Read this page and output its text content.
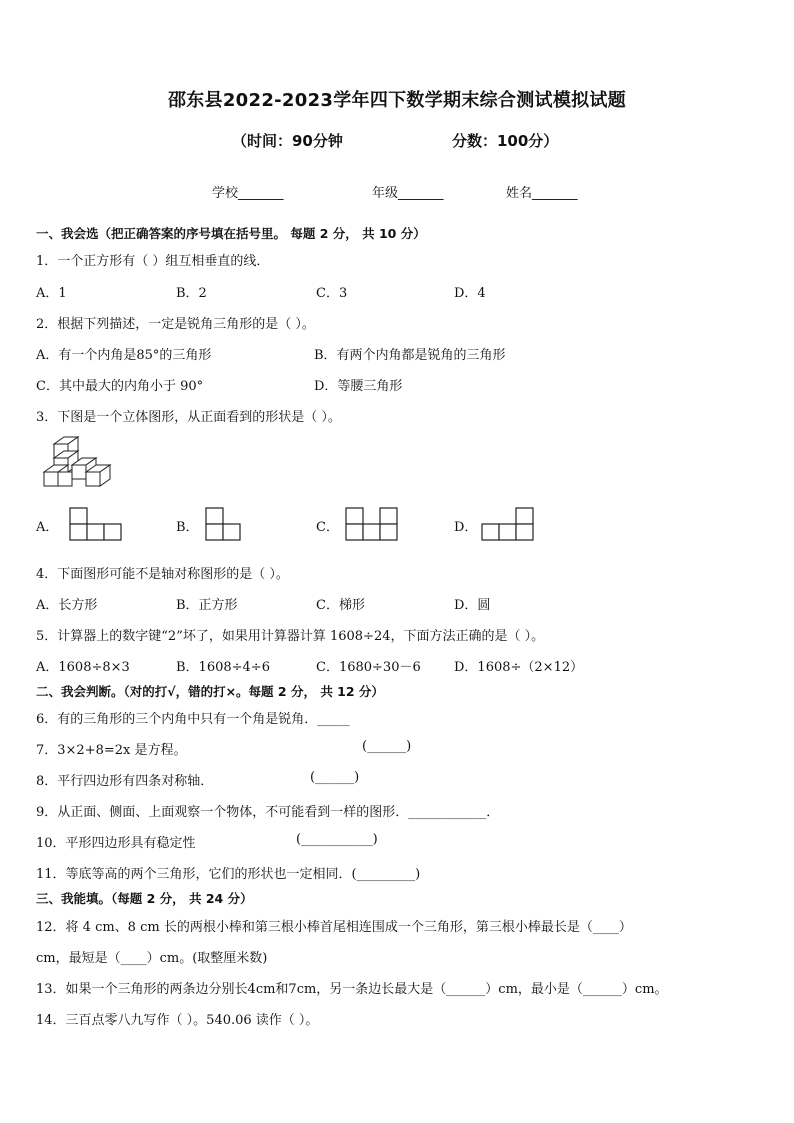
邵东县2022-2023学年四下数学期末综合测试模拟试题
（时间：90分钟	分数：100分）
学校_______	年级_______	姓名_______
一、我会选（把正确答案的序号填在括号里。 每题 2 分， 共 10 分）
1．一个正方形有（ ）组互相垂直的线．
A．1	B．2	C．3	D．4
2．根据下列描述，一定是锐角三角形的是（ ）。
A．有一个内角是85°的三角形	B．有两个内角都是锐角的三角形
C．其中最大的内角小于 90°	D．等腰三角形
3．下图是一个立体图形，从正面看到的形状是（ ）。
A．	B．	C．	D．
4．下面图形可能不是轴对称图形的是（ ）。
A．长方形	B．正方形	C．梯形	D．圆
5．计算器上的数字键“2”坏了，如果用计算器计算 1608÷24，下面方法正确的是（ ）。
A．1608÷8×3	B．1608÷4÷6	C．1680÷30－6	D．1608÷（2×12）
二、我会判断。（对的打√，错的打×。每题 2 分， 共 12 分）
6．有的三角形的三个内角中只有一个角是锐角．_____
7．3×2+8=2x 是方程。	(______)
8．平行四边形有四条对称轴．	(______)
9．从正面、侧面、上面观察一个物体，不可能看到一样的图形．____________．
10．平形四边形具有稳定性	(___________)
11．等底等高的两个三角形，它们的形状也一定相同．(_________)
三、我能填。（每题 2 分， 共 24 分）
12．将 4 cm、8 cm 长的两根小棒和第三根小棒首尾相连围成一个三角形，第三根小棒最长是（____）
cm，最短是（____）cm。(取整厘米数)
13．如果一个三角形的两条边分别长4cm和7cm，另一条边长最大是（______）cm，最小是（______）cm。
14．三百点零八九写作（ ）。540.06 读作（ ）。
